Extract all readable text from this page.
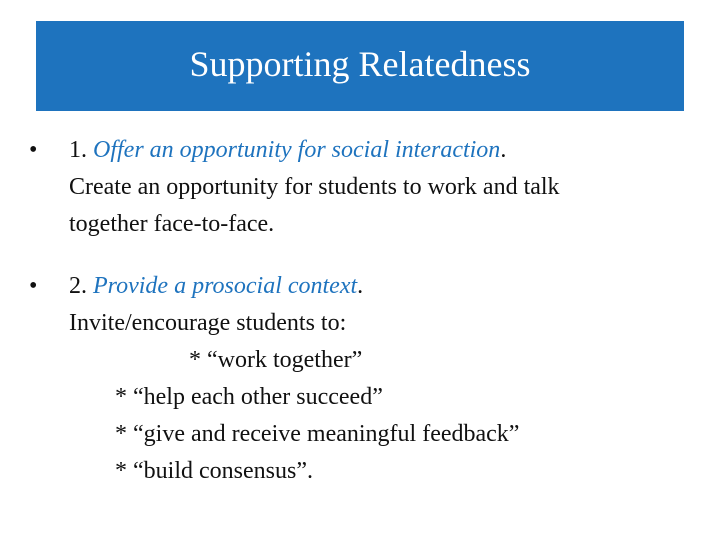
Supporting Relatedness
• 1. Offer an opportunity for social interaction.
Create an opportunity for students to work and talk
together face-to-face.
• 2. Provide a prosocial context.
Invite/encourage students to:
* “work together”
* “help each other succeed”
* “give and receive meaningful feedback”
* “build consensus”.
